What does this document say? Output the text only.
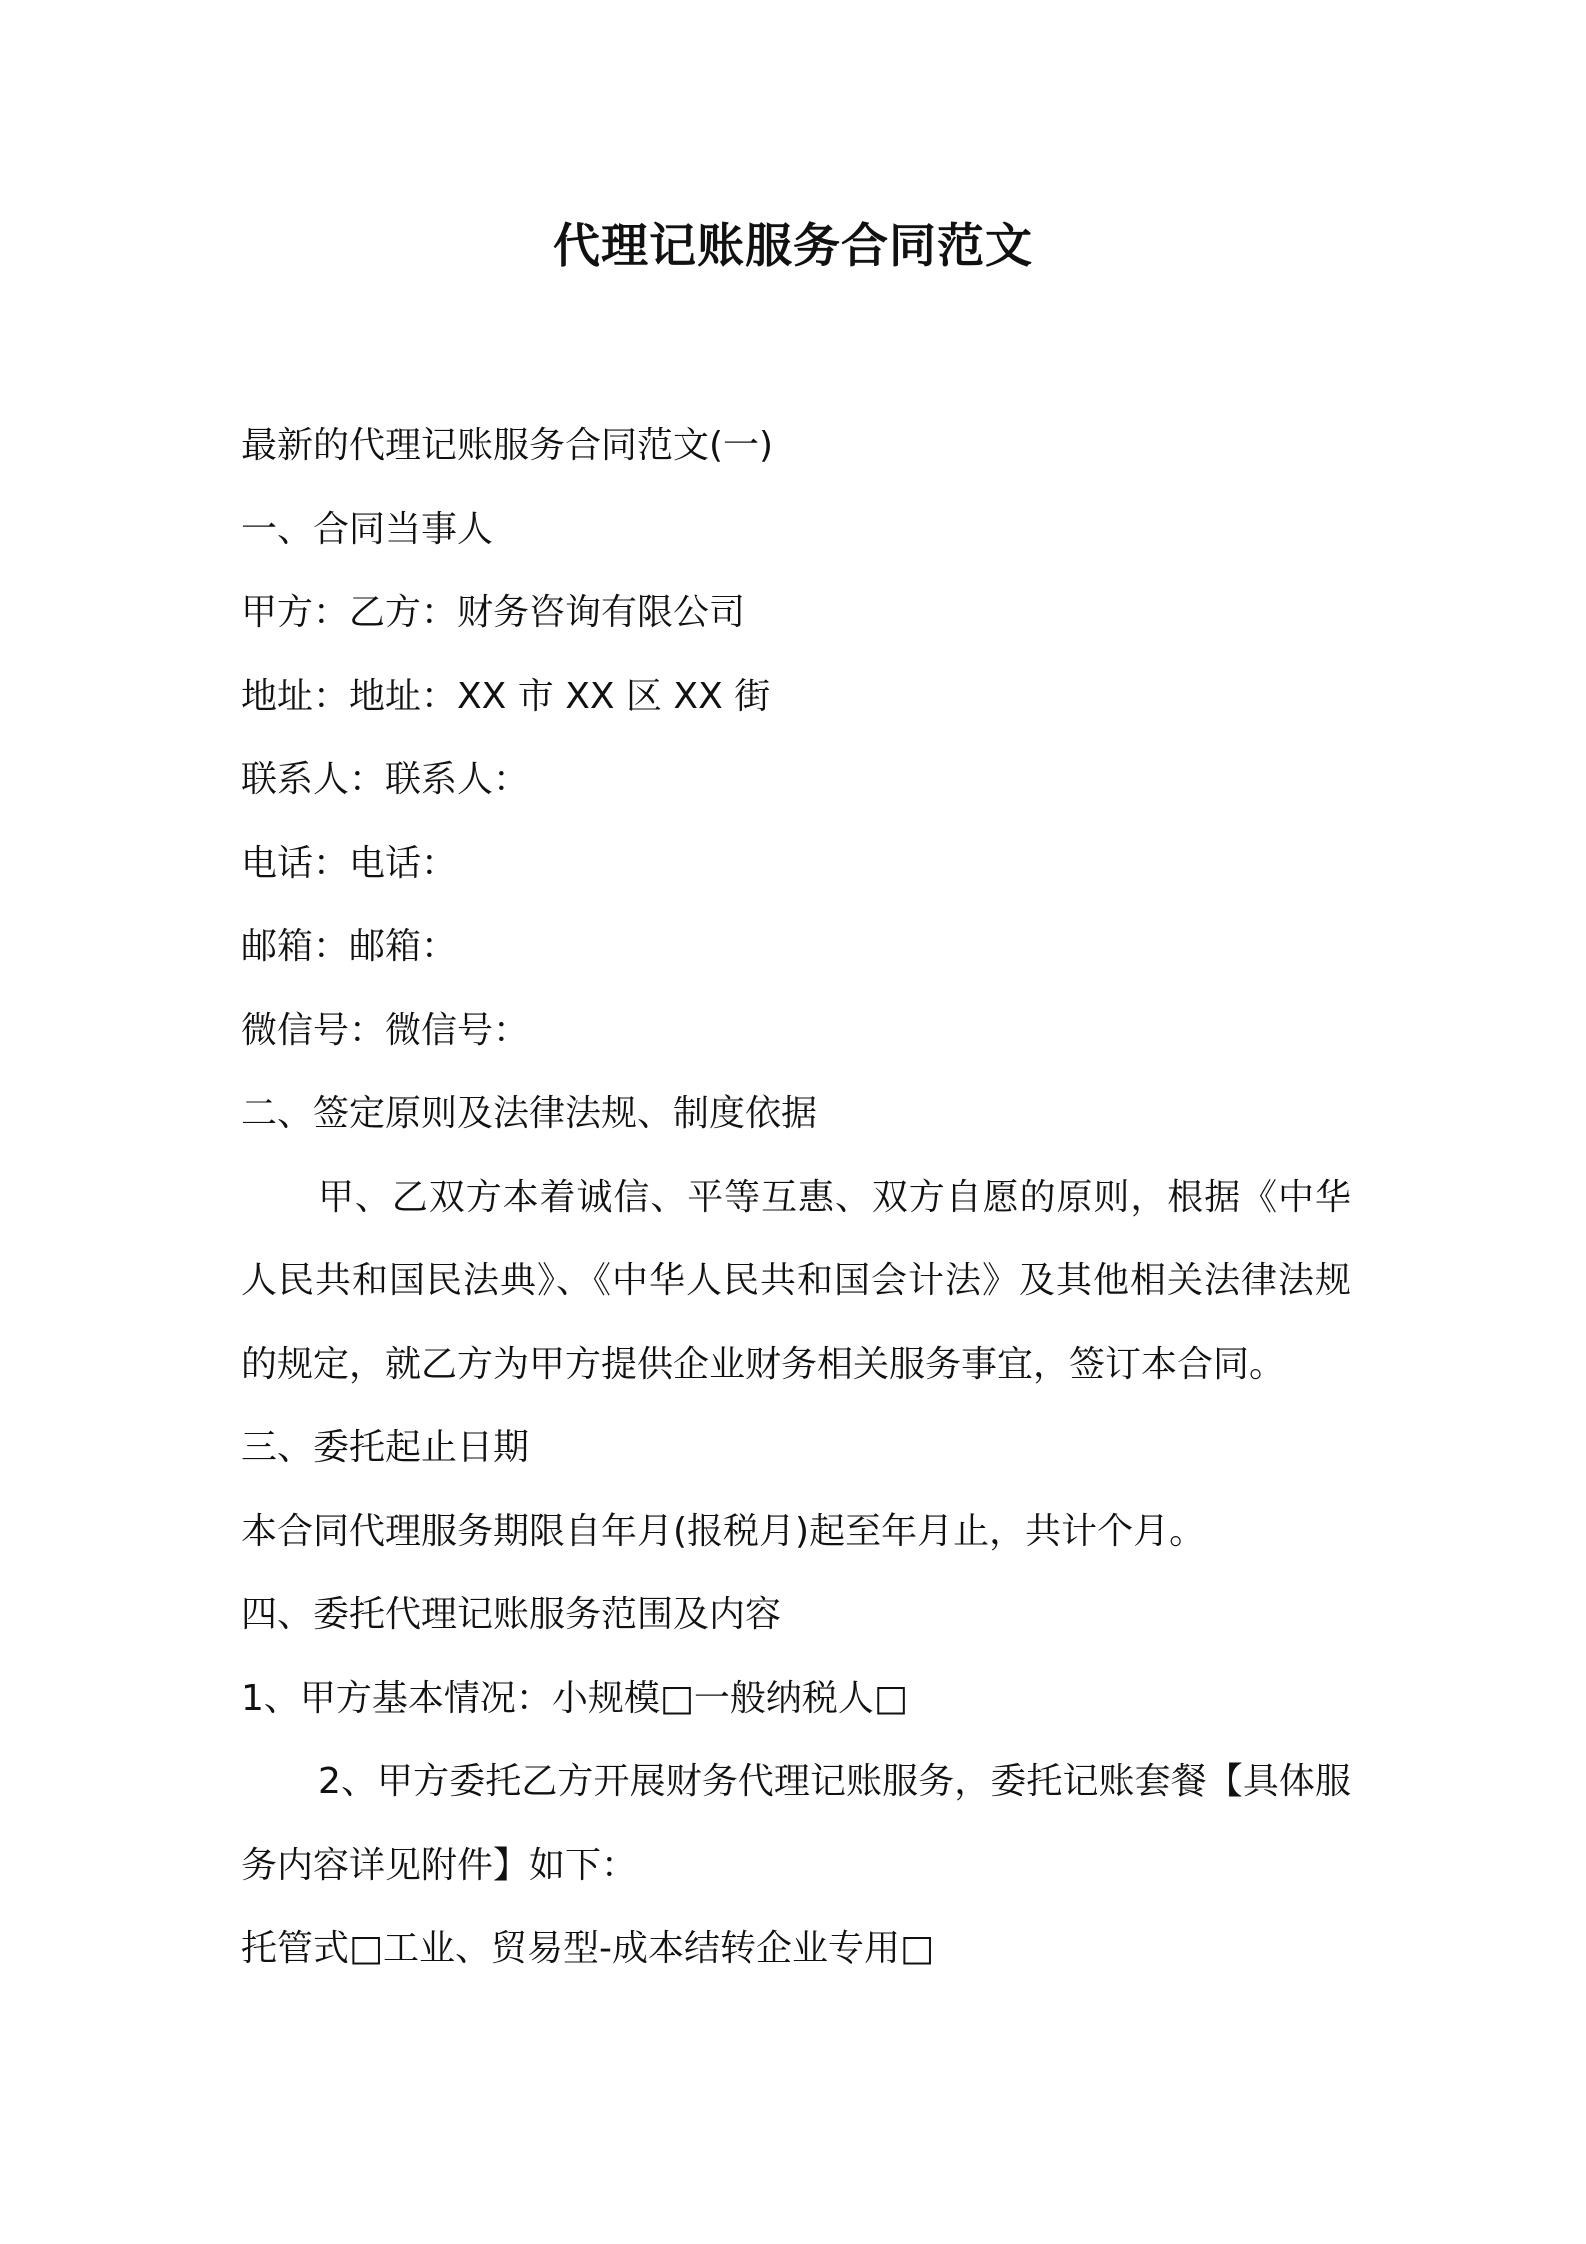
代理记账服务合同范文

最新的代理记账服务合同范文(一)

一、合同当事人

甲方：乙方：财务咨询有限公司

地址：地址：XX 市 XX 区 XX 街

联系人：联系人：

电话：电话：

邮箱：邮箱：

微信号：微信号：

二、签定原则及法律法规、制度依据

甲、乙双方本着诚信、平等互惠、双方自愿的原则，根据《中华人民共和国民法典》、《中华人民共和国会计法》及其他相关法律法规的规定，就乙方为甲方提供企业财务相关服务事宜，签订本合同。

三、委托起止日期

本合同代理服务期限自年月(报税月)起至年月止，共计个月。

四、委托代理记账服务范围及内容

1、甲方基本情况：小规模□一般纳税人□

2、甲方委托乙方开展财务代理记账服务，委托记账套餐【具体服务内容详见附件】如下：

托管式□工业、贸易型-成本结转企业专用□
